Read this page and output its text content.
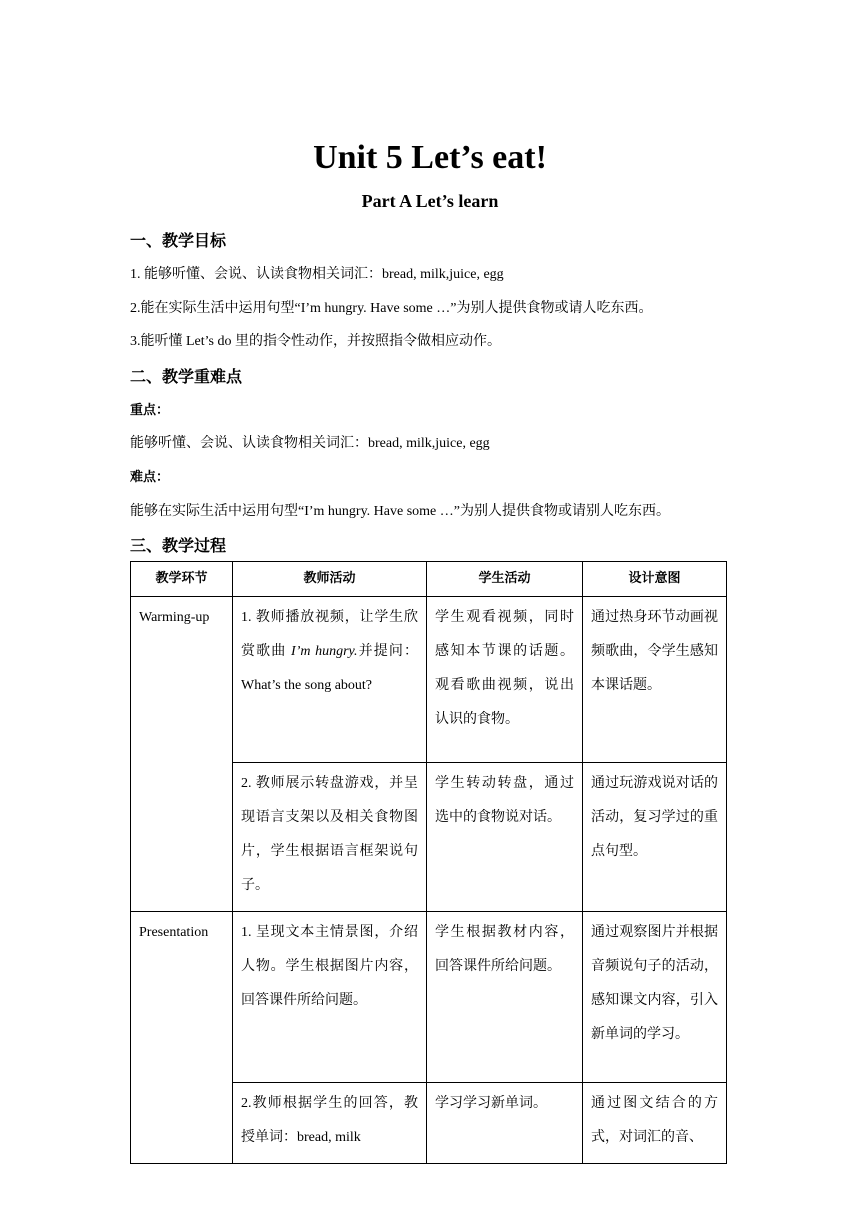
Unit 5 Let’s eat!
Part A Let’s learn
一、教学目标
1. 能够听懂、会说、认读食物相关词汇：bread, milk,juice, egg
2.能在实际生活中运用句型“I’m hungry. Have some …”为别人提供食物或请人吃东西。
3.能听懂 Let’s do 里的指令性动作，并按照指令做相应动作。
二、教学重难点
重点：
能够听懂、会说、认读食物相关词汇：bread, milk,juice, egg
难点：
能够在实际生活中运用句型“I’m hungry. Have some …”为别人提供食物或请别人吃东西。
三、教学过程
教学环节	教师活动	学生活动	设计意图
Warming-up	1. 教师播放视频，让学生欣赏歌曲 I’m hungry.并提问：What’s the song about?	学生观看视频，同时感知本节课的话题。观看歌曲视频，说出认识的食物。	通过热身环节动画视频歌曲，令学生感知本课话题。
	2. 教师展示转盘游戏，并呈现语言支架以及相关食物图片，学生根据语言框架说句子。	学生转动转盘，通过选中的食物说对话。	通过玩游戏说对话的活动，复习学过的重点句型。
Presentation	1. 呈现文本主情景图，介绍人物。学生根据图片内容，回答课件所给问题。	学生根据教材内容，回答课件所给问题。	通过观察图片并根据音频说句子的活动，感知课文内容，引入新单词的学习。
	2.教师根据学生的回答，教授单词：bread, milk	学习学习新单词。	通过图文结合的方式，对词汇的音、
